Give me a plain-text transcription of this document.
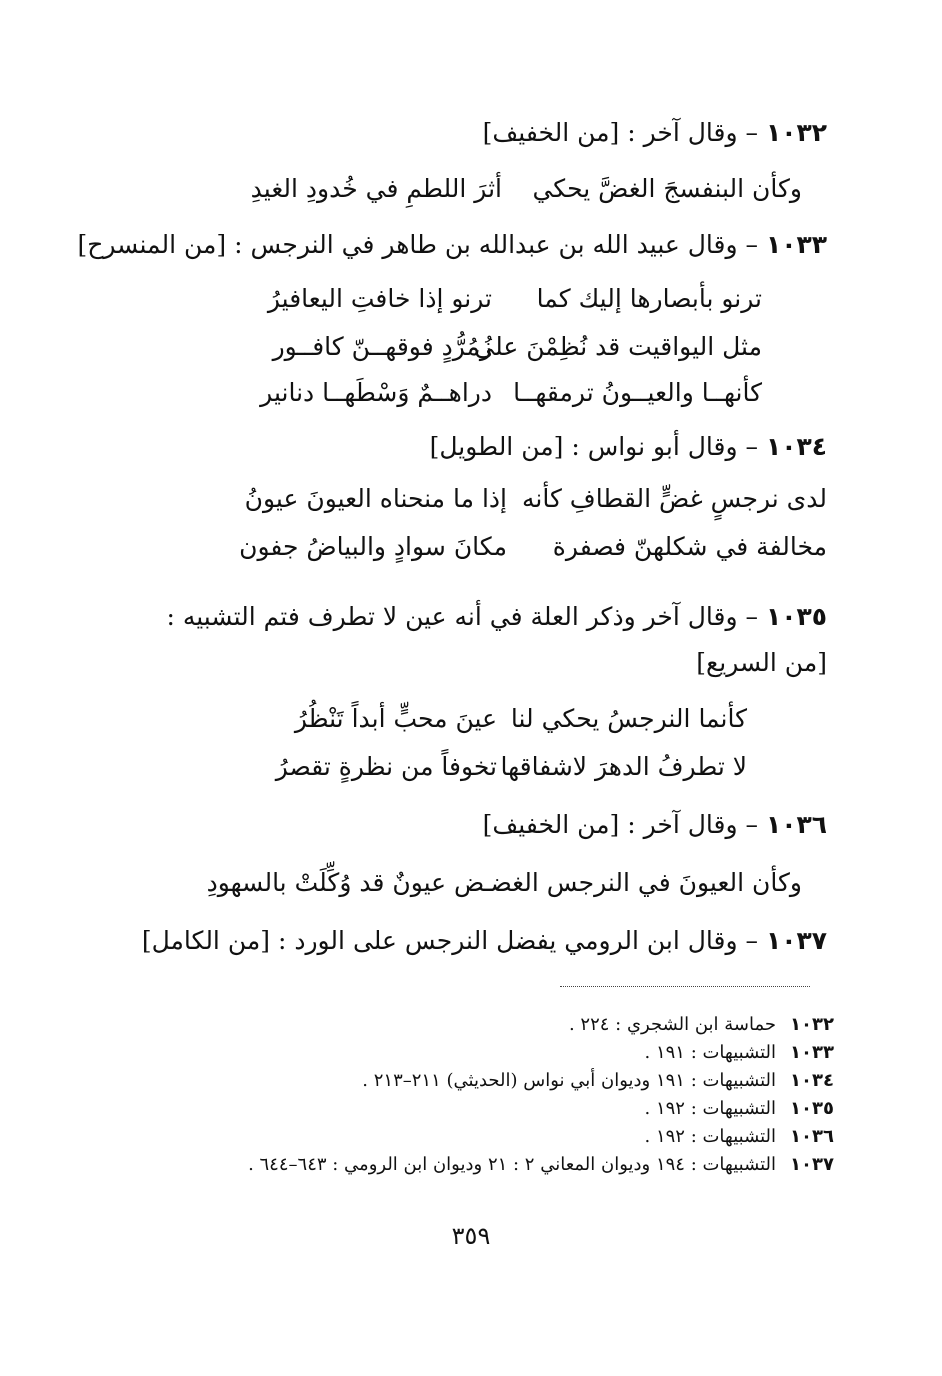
١٠٣٢ – وقال آخر : [من الخفيف]
وكأن البنفسجَ الغضَّ يحكي
أثرَ اللطمِ في خُدودِ الغيدِ
١٠٣٣ – وقال عبيد الله بن عبدالله بن طاهر في النرجس : [من المنسرح]
ترنو بأبصارها إليك كما
ترنو إذا خافتِ اليعافيرُ
مثل اليواقيت قد نُظِمْنَ على
زُمُرُّدٍ فوقهــنّ كافــور
كأنهــا والعيــونُ ترمقهــا
دراهــمٌ وَسْطَهــا دنانير
١٠٣٤ – وقال أبو نواس : [من الطويل]
لدى نرجسٍ غضٍّ القطافِ كأنه
إذا ما منحناه العيونَ عيونُ
مخالفة في شكلهنّ فصفرة
مكانَ سوادٍ والبياضُ جفون
١٠٣٥ – وقال آخر وذكر العلة في أنه عين لا تطرف فتم التشبيه :
[من السريع]
كأنما النرجسُ يحكي لنا
عينَ محبٍّ أبداً تَنْظُرُ
لا تطرفُ الدهرَ لاشفاقها
تخوفاً من نظرةٍ تقصرُ
١٠٣٦ – وقال آخر : [من الخفيف]
وكأن العيونَ في النرجس الغضـ
ـض عيونٌ قد وُكِّلَتْ بالسهودِ
١٠٣٧ – وقال ابن الرومي يفضل النرجس على الورد : [من الكامل]
١٠٣٢حماسة ابن الشجري : ٢٢٤ .
١٠٣٣التشبيهات : ١٩١ .
١٠٣٤التشبيهات : ١٩١ وديوان أبي نواس (الحديثي) ٢١١–٢١٣ .
١٠٣٥التشبيهات : ١٩٢ .
١٠٣٦التشبيهات : ١٩٢ .
١٠٣٧التشبيهات : ١٩٤ وديوان المعاني ٢ : ٢١ وديوان ابن الرومي : ٦٤٣–٦٤٤ .
٣٥٩
